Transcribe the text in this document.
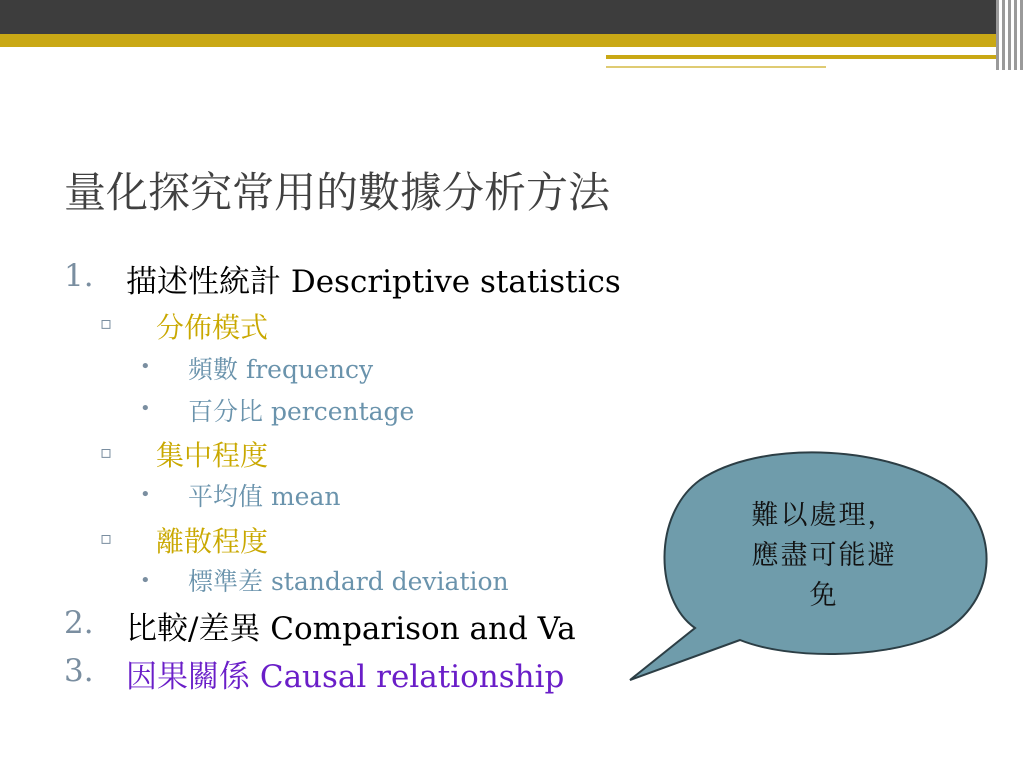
量化探究常用的數據分析方法
1. 描述性統計 Descriptive statistics
▫ 分佈模式
• 頻數 frequency
• 百分比 percentage
▫ 集中程度
• 平均值 mean
▫ 離散程度
• 標準差 standard deviation
2. 比較/差異 Comparison and Va
3. 因果關係 Causal relationship
難以處理，
應盡可能避
免
